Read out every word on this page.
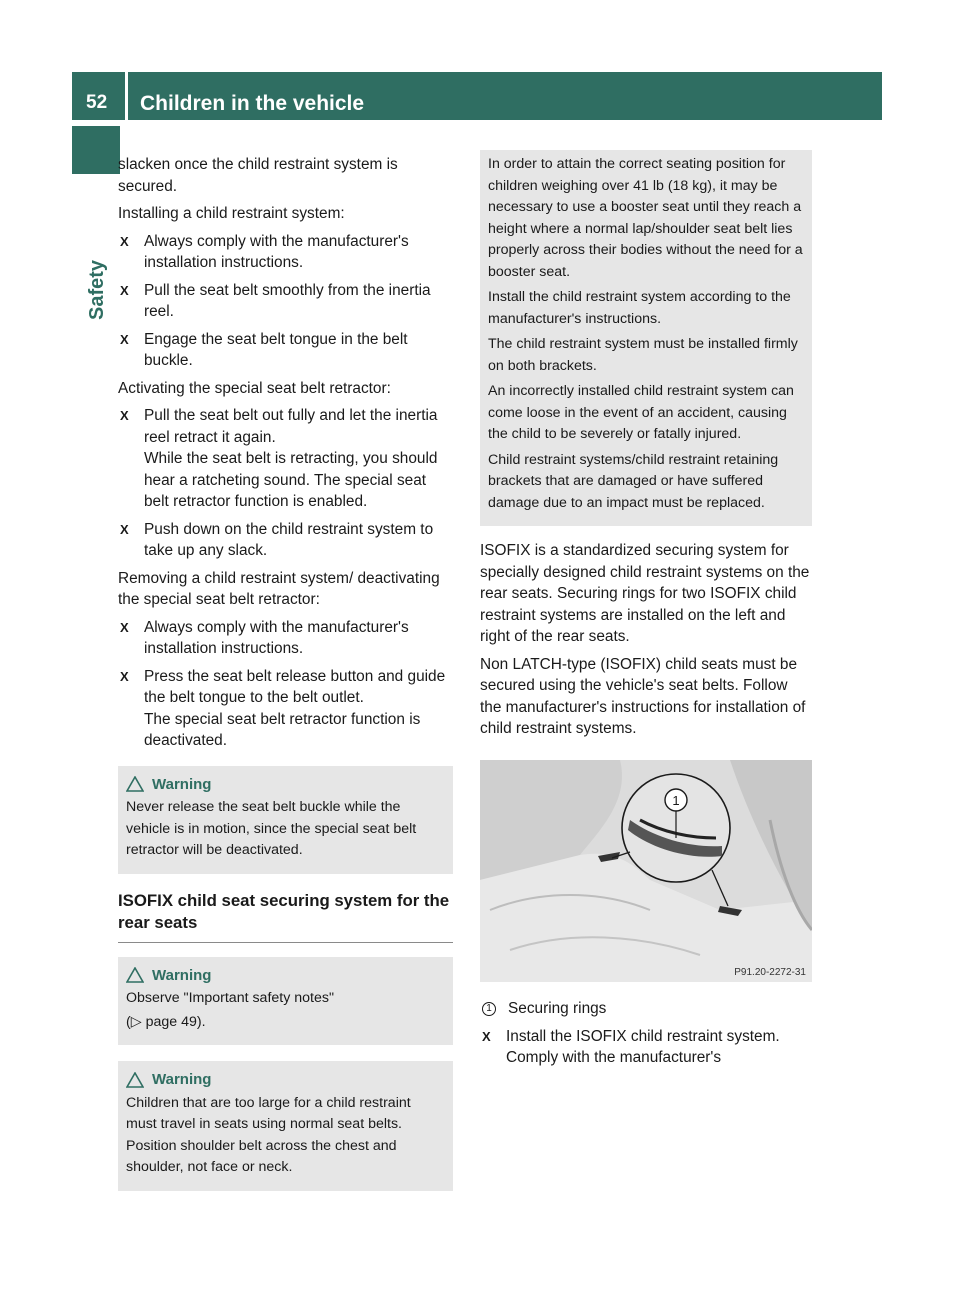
52	Children in the vehicle
Safety

slacken once the child restraint system is secured.

Installing a child restraint system:

X Always comply with the manufacturer's installation instructions.
X Pull the seat belt smoothly from the inertia reel.
X Engage the seat belt tongue in the belt buckle.

Activating the special seat belt retractor:

X Pull the seat belt out fully and let the inertia reel retract it again.
While the seat belt is retracting, you should hear a ratcheting sound. The special seat belt retractor function is enabled.
X Push down on the child restraint system to take up any slack.

Removing a child restraint system/ deactivating the special seat belt retractor:

X Always comply with the manufacturer's installation instructions.
X Press the seat belt release button and guide the belt tongue to the belt outlet.
The special seat belt retractor function is deactivated.
Warning

Never release the seat belt buckle while the vehicle is in motion, since the special seat belt retractor will be deactivated.

ISOFIX child seat securing system for the rear seats
Warning

Observe "Important safety notes"

(▷ page 49).

Warning

Children that are too large for a child restraint must travel in seats using normal seat belts. Position shoulder belt across the chest and shoulder, not face or neck.

In order to attain the correct seating position for children weighing over 41 lb (18 kg), it may be necessary to use a booster seat until they reach a height where a normal lap/shoulder seat belt lies properly across their bodies without the need for a booster seat.

Install the child restraint system according to the manufacturer's instructions.

The child restraint system must be installed firmly on both brackets.

An incorrectly installed child restraint system can come loose in the event of an accident, causing the child to be severely or fatally injured.

Child restraint systems/child restraint retaining brackets that are damaged or have suffered damage due to an impact must be replaced.

ISOFIX is a standardized securing system for specially designed child restraint systems on the rear seats. Securing rings for two ISOFIX child restraint systems are installed on the left and right of the rear seats.

Non LATCH-type (ISOFIX) child seats must be secured using the vehicle's seat belts. Follow the manufacturer's instructions for installation of child restraint systems.

1
P91.20-2272-31
1 Securing rings
X Install the ISOFIX child restraint system. Comply with the manufacturer's
